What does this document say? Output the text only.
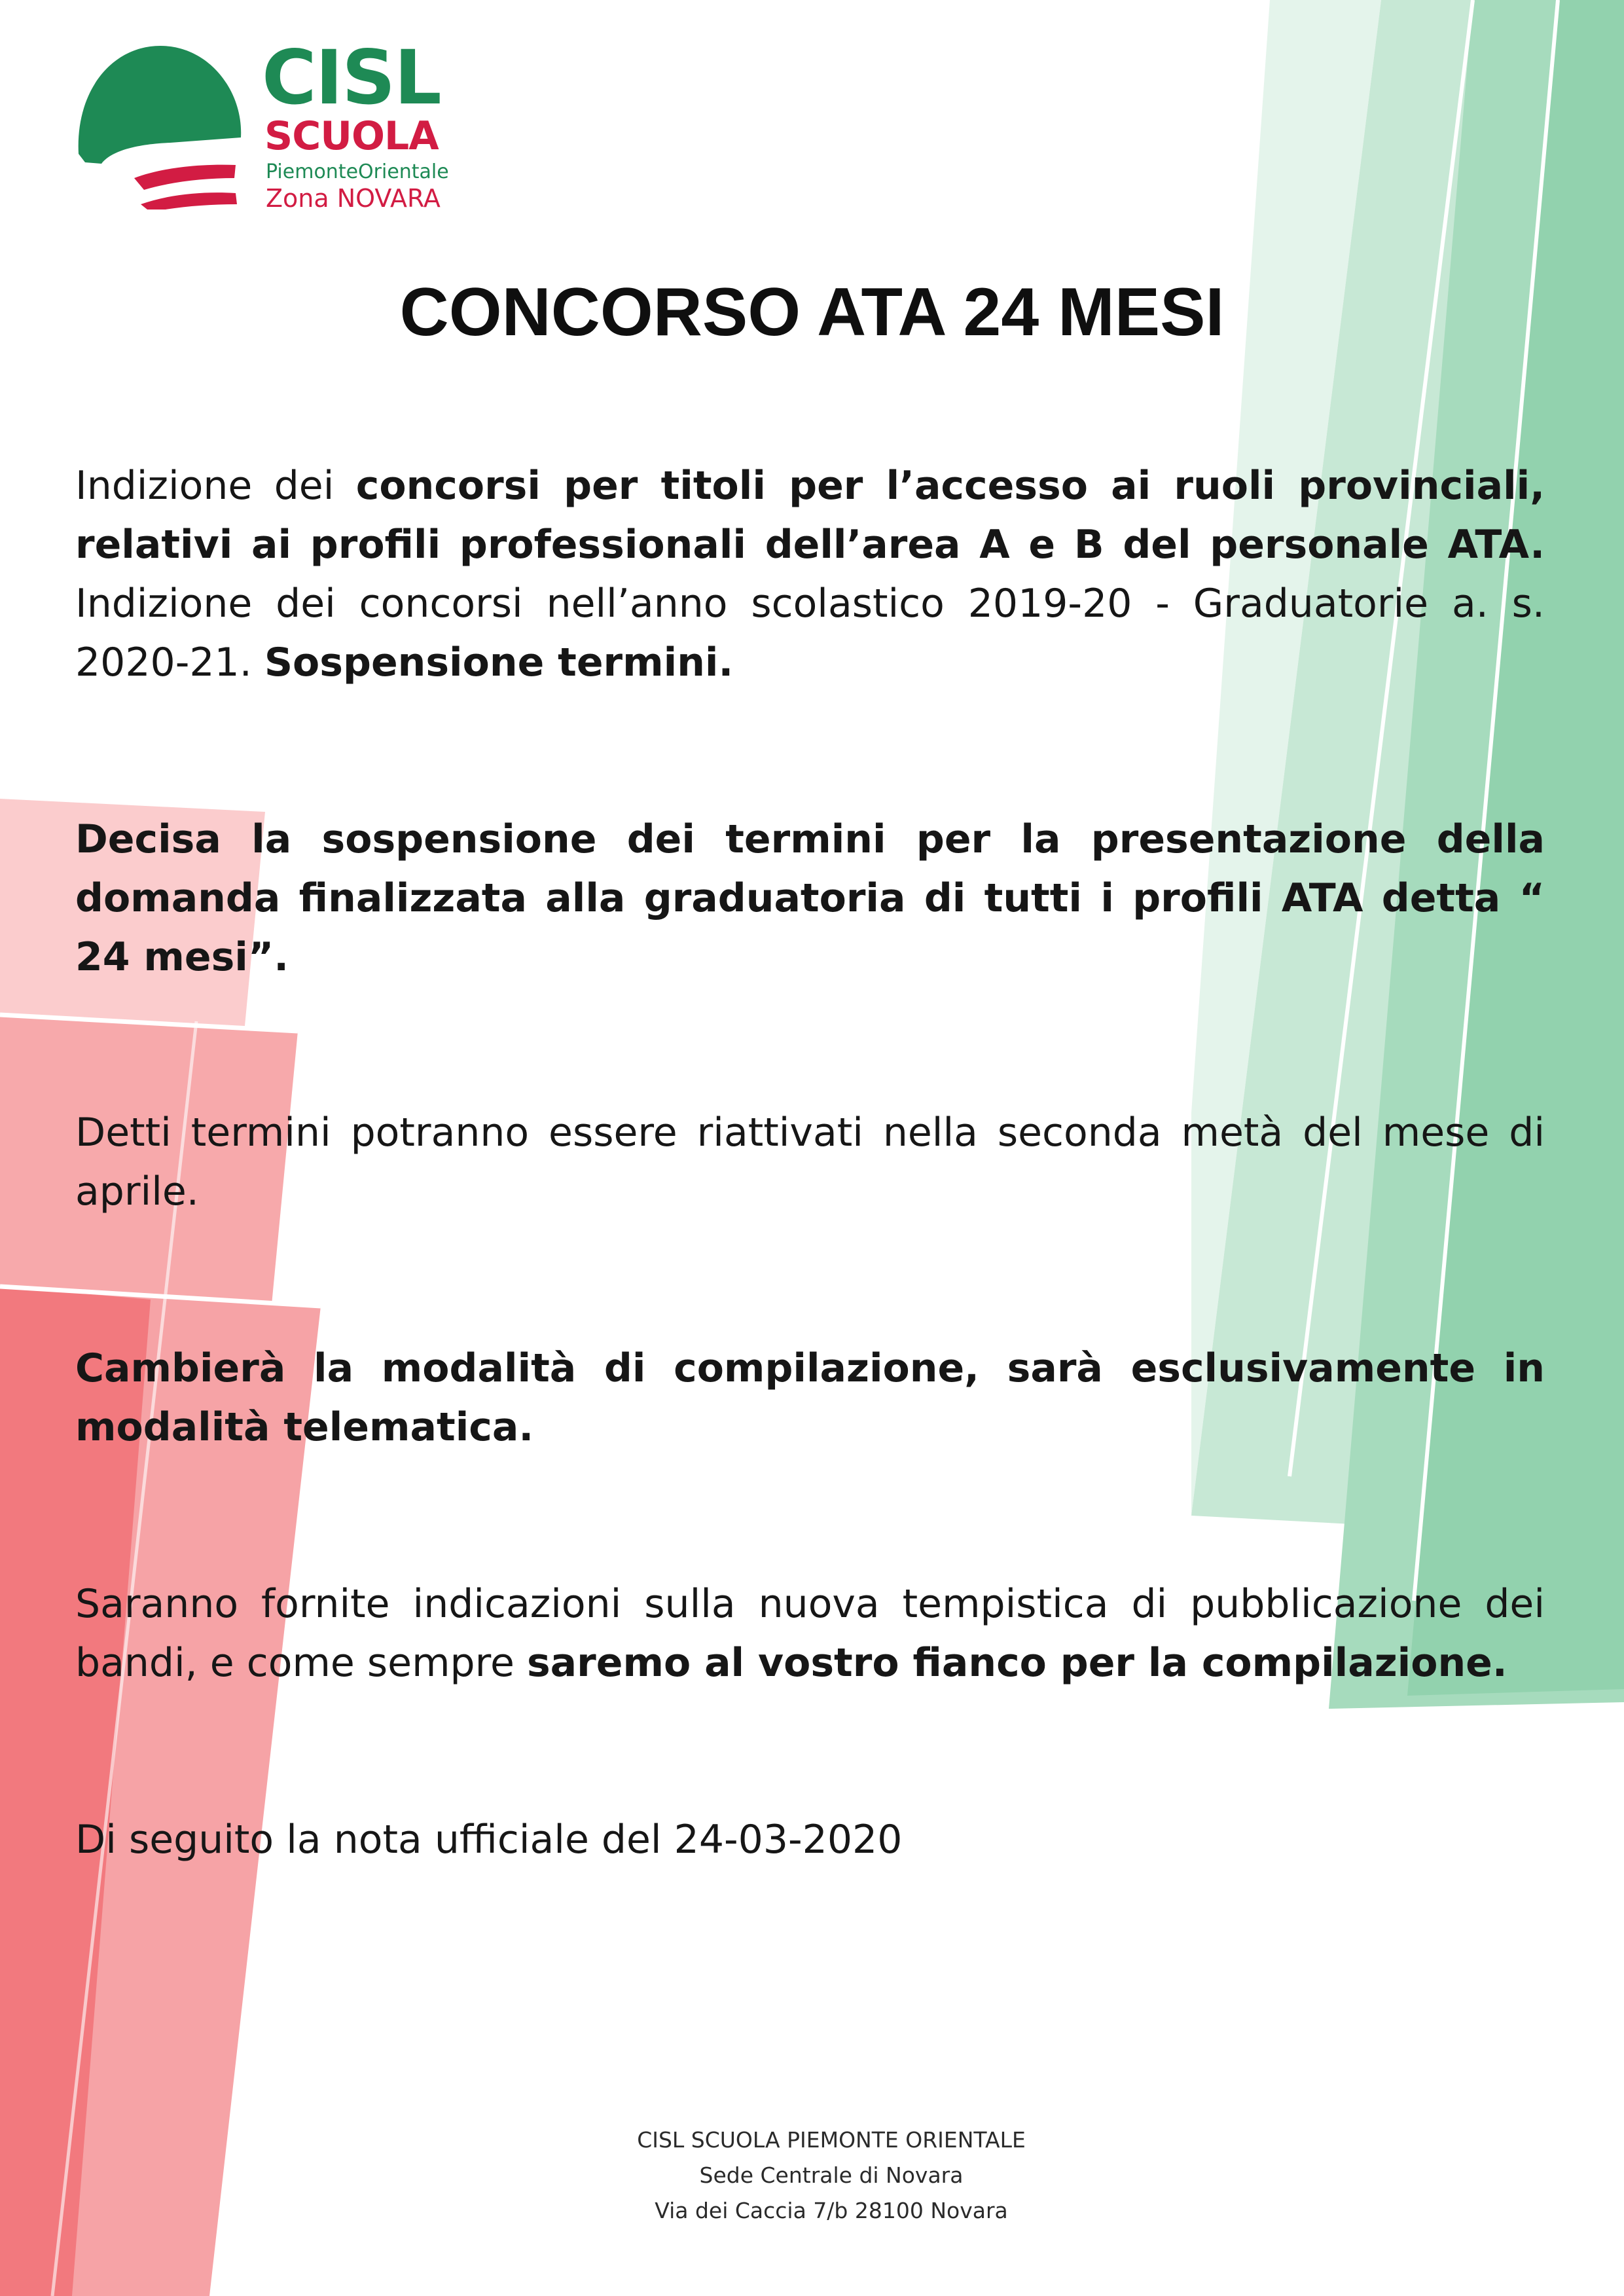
CISL
SCUOLA
PiemonteOrientale
Zona NOVARA
CONCORSO ATA 24 MESI

Indizione dei concorsi per titoli per l’accesso ai ruoli provinciali, relativi ai profili professionali dell’area A e B del personale ATA. Indizione dei concorsi nell’anno scolastico 2019-20 - Graduatorie a. s. 2020-21. Sospensione termini.

Decisa la sospensione dei termini per la presentazione della domanda finalizzata alla graduatoria di tutti i profili ATA detta “ 24 mesi”.

Detti termini potranno essere riattivati nella seconda metà del mese di aprile.

Cambierà la modalità di compilazione, sarà esclusivamente in modalità telematica.

Saranno fornite indicazioni sulla nuova tempistica di pubblicazione dei bandi, e come sempre saremo al vostro fianco per la compilazione.

Di seguito la nota ufficiale del 24-03-2020

CISL SCUOLA PIEMONTE ORIENTALE
Sede Centrale di Novara
Via dei Caccia 7/b 28100 Novara
